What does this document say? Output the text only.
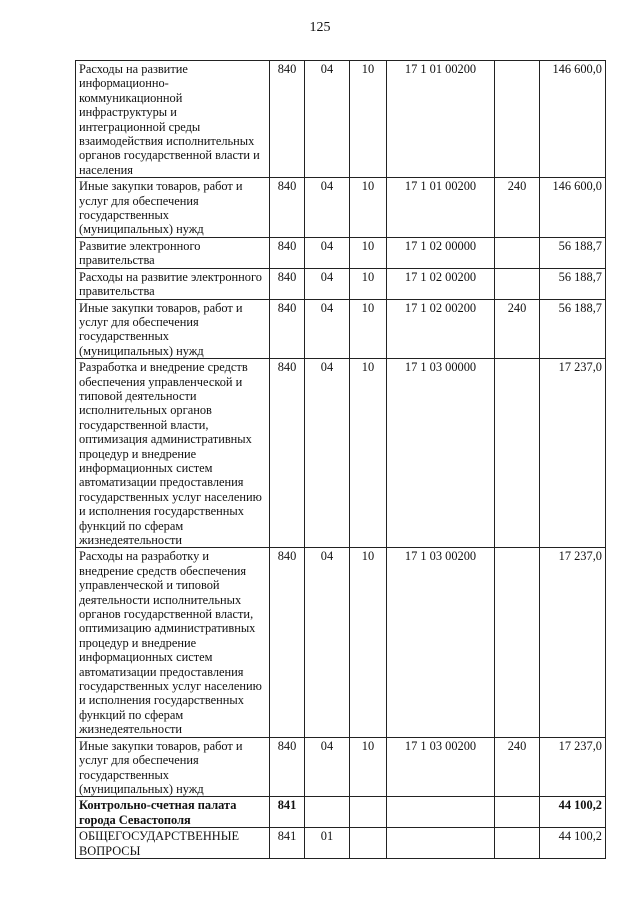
125
Расходы на развитие информационно-коммуникационной инфраструктуры и интеграционной среды взаимодействия исполнительных органов государственной власти и населения	840	04	10	17 1 01 00200		146 600,0
Иные закупки товаров, работ и услуг для обеспечения государственных (муниципальных) нужд	840	04	10	17 1 01 00200	240	146 600,0
Развитие электронного правительства	840	04	10	17 1 02 00000		56 188,7
Расходы на развитие электронного правительства	840	04	10	17 1 02 00200		56 188,7
Иные закупки товаров, работ и услуг для обеспечения государственных (муниципальных) нужд	840	04	10	17 1 02 00200	240	56 188,7
Разработка и внедрение средств обеспечения управленческой и типовой деятельности исполнительных органов государственной власти, оптимизация административных процедур и внедрение информационных систем автоматизации предоставления государственных услуг населению и исполнения государственных функций по сферам жизнедеятельности	840	04	10	17 1 03 00000		17 237,0
Расходы на разработку и внедрение средств обеспечения управленческой и типовой деятельности исполнительных органов государственной власти, оптимизацию административных процедур и внедрение информационных систем автоматизации предоставления государственных услуг населению и исполнения государственных функций по сферам жизнедеятельности	840	04	10	17 1 03 00200		17 237,0
Иные закупки товаров, работ и услуг для обеспечения государственных (муниципальных) нужд	840	04	10	17 1 03 00200	240	17 237,0
Контрольно-счетная палата города Севастополя	841					44 100,2
ОБЩЕГОСУДАРСТВЕННЫЕ ВОПРОСЫ	841	01				44 100,2
